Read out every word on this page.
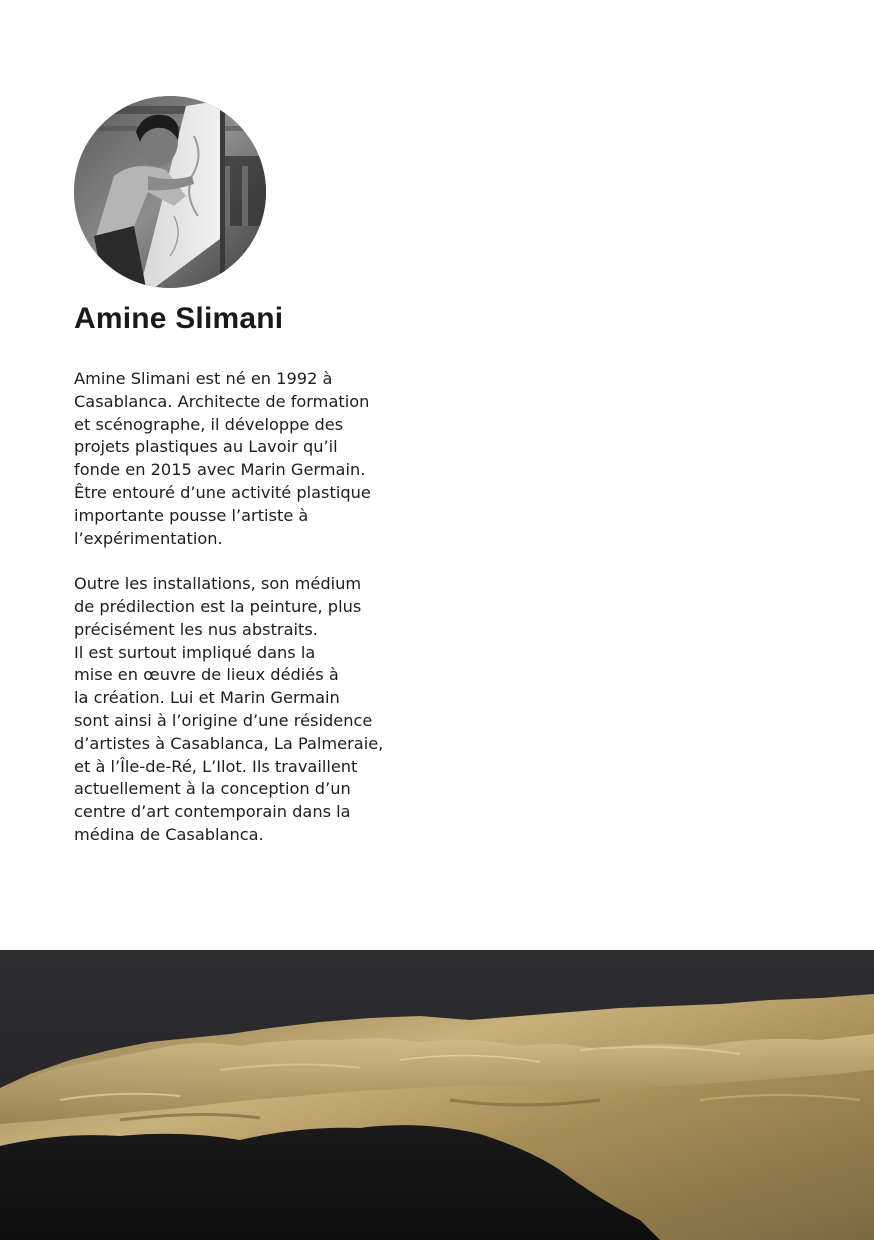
Amine Slimani
Amine Slimani est né en 1992 à
Casablanca. Architecte de formation
et scénographe, il développe des
projets plastiques au Lavoir qu’il
fonde en 2015 avec Marin Germain.
Être entouré d’une activité plastique
importante pousse l’artiste à
l’expérimentation.
Outre les installations, son médium
de prédilection est la peinture, plus
précisément les nus abstraits.
Il est surtout impliqué dans la
mise en œuvre de lieux dédiés à
la création. Lui et Marin Germain
sont ainsi à l’origine d’une résidence
d’artistes à Casablanca, La Palmeraie,
et à l’Île-de-Ré, L’Ilot. Ils travaillent
actuellement à la conception d’un
centre d’art contemporain dans la
médina de Casablanca.
